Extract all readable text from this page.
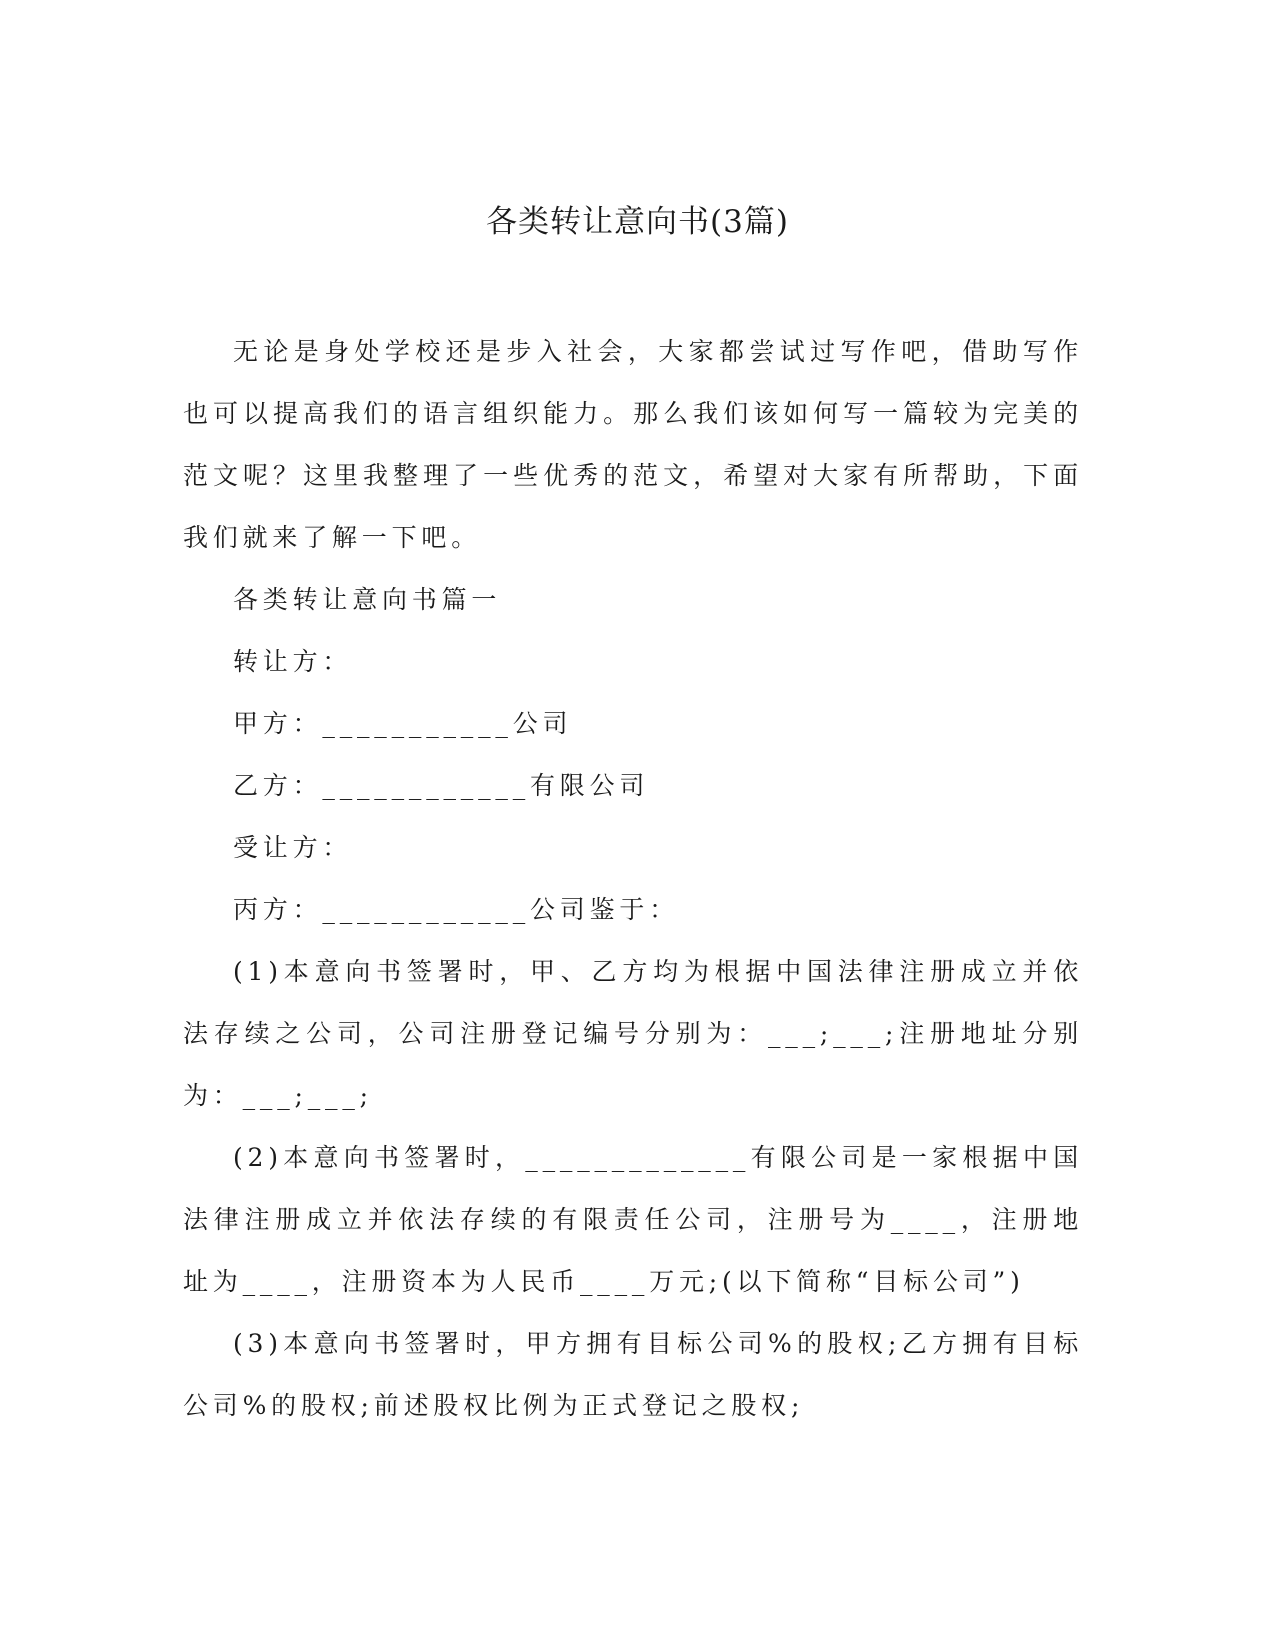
各类转让意向书(3篇)

无论是身处学校还是步入社会，大家都尝试过写作吧，借助写作也可以提高我们的语言组织能力。那么我们该如何写一篇较为完美的范文呢？这里我整理了一些优秀的范文，希望对大家有所帮助，下面我们就来了解一下吧。

各类转让意向书篇一

转让方：

甲方：___________公司

乙方：____________有限公司

受让方：

丙方：____________公司鉴于：

(1)本意向书签署时，甲、乙方均为根据中国法律注册成立并依法存续之公司，公司注册登记编号分别为：___;___;注册地址分别为：___;___;

(2)本意向书签署时，_____________有限公司是一家根据中国法律注册成立并依法存续的有限责任公司，注册号为____，注册地址为____，注册资本为人民币____万元;(以下简称“目标公司”)

(3)本意向书签署时，甲方拥有目标公司%的股权;乙方拥有目标公司%的股权;前述股权比例为正式登记之股权;
